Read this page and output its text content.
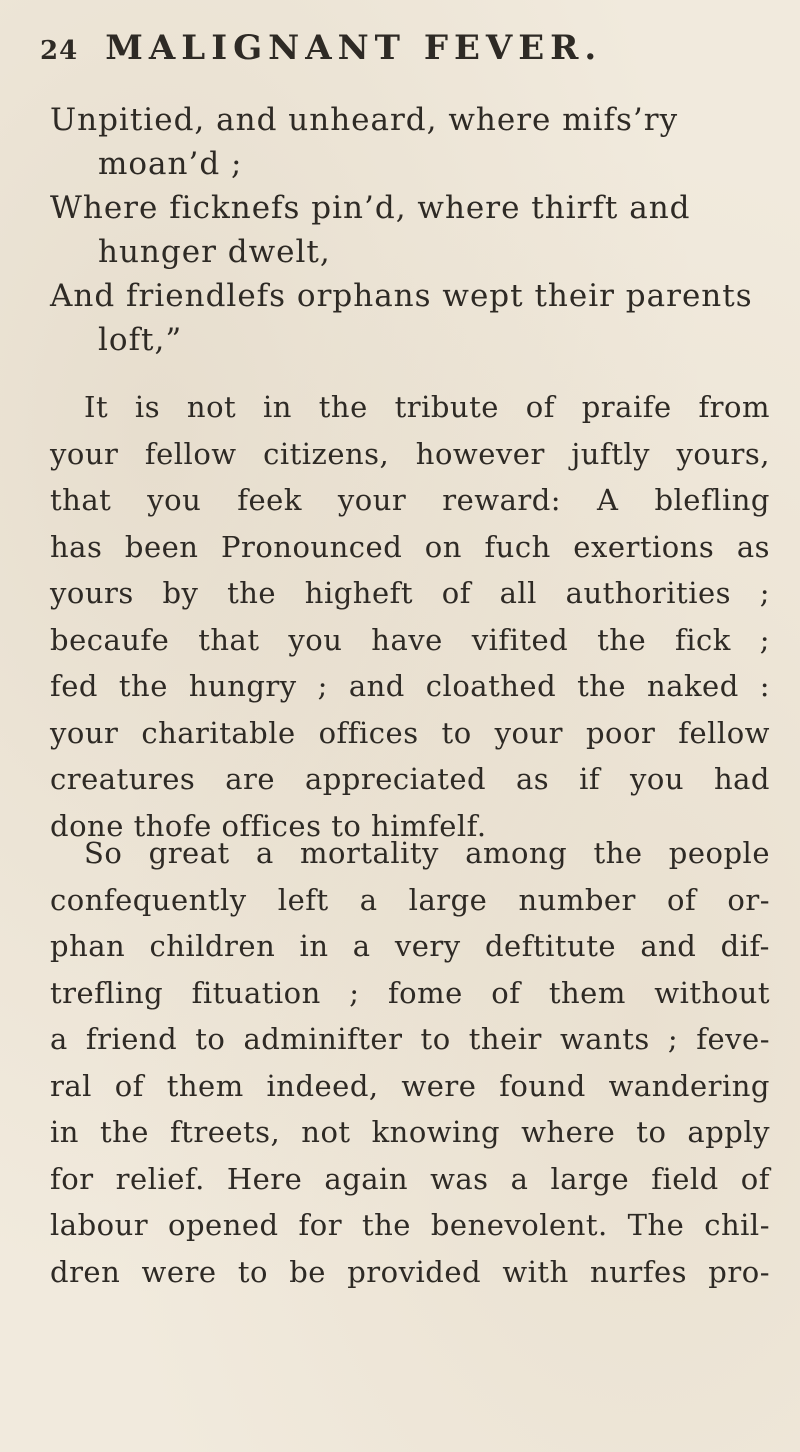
24 MALIGNANT FEVER.
Unpitied, and unheard, where mifs’ry
moan’d ;
Where ficknefs pin’d, where thirft and
hunger dwelt,
And friendlefs orphans wept their parents
loft,”
It is not in the tribute of praife from
your fellow citizens, however juftly yours,
that you feek your reward: A blefling
has been Pronounced on fuch exertions as
yours by the higheft of all authorities ;
becaufe that you have vifited the fick ;
fed the hungry ; and cloathed the naked :
your charitable offices to your poor fellow
creatures are appreciated as if you had
done thofe offices to himfelf.
So great a mortality among the people
confequently left a large number of or-
phan children in a very deftitute and dif-
trefling fituation ; fome of them without
a friend to adminifter to their wants ; feve-
ral of them indeed, were found wandering
in the ftreets, not knowing where to apply
for relief. Here again was a large field of
labour opened for the benevolent. The chil-
dren were to be provided with nurfes pro-
